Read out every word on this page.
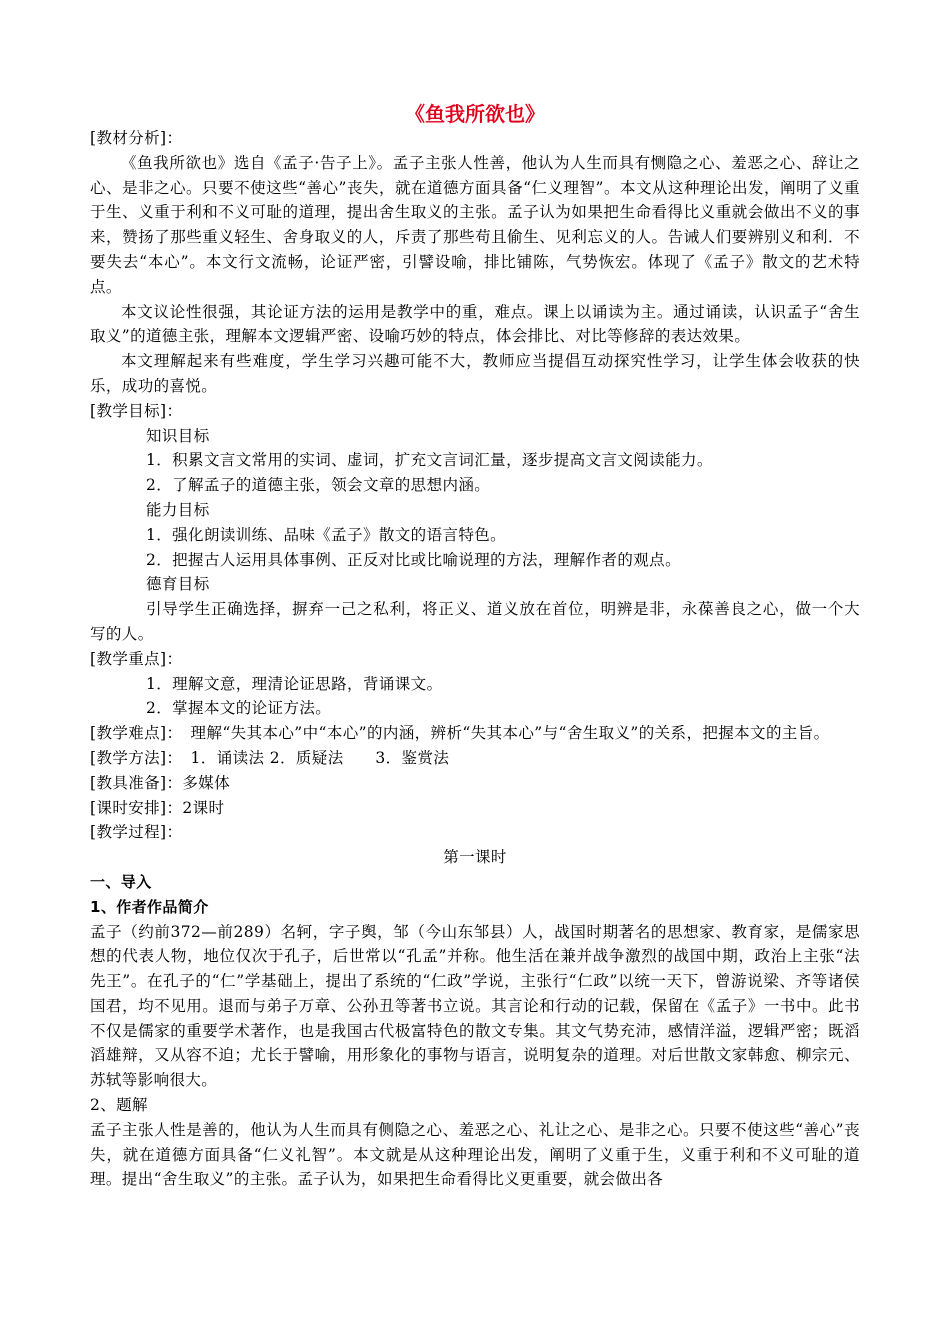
《鱼我所欲也》

[教材分析]：

《鱼我所欲也》选自《孟子·告子上》。孟子主张人性善，他认为人生而具有恻隐之心、羞恶之心、辞让之心、是非之心。只要不使这些“善心”丧失，就在道德方面具备“仁义理智”。本文从这种理论出发，阐明了义重于生、义重于利和不义可耻的道理，提出舍生取义的主张。孟子认为如果把生命看得比义重就会做出不义的事来，赞扬了那些重义轻生、舍身取义的人，斥责了那些苟且偷生、见利忘义的人。告诫人们要辨别义和利．不要失去“本心”。本文行文流畅，论证严密，引譬设喻，排比铺陈，气势恢宏。体现了《孟子》散文的艺术特点。

本文议论性很强，其论证方法的运用是教学中的重，难点。课上以诵读为主。通过诵读，认识孟子“舍生取义”的道德主张，理解本文逻辑严密、设喻巧妙的特点，体会排比、对比等修辞的表达效果。

本文理解起来有些难度，学生学习兴趣可能不大，教师应当提倡互动探究性学习，让学生体会收获的快乐，成功的喜悦。

[教学目标]：

知识目标

1．积累文言文常用的实词、虚词，扩充文言词汇量，逐步提高文言文阅读能力。

2．了解孟子的道德主张，领会文章的思想内涵。

能力目标

1．强化朗读训练、品味《孟子》散文的语言特色。

2．把握古人运用具体事例、正反对比或比喻说理的方法，理解作者的观点。

德育目标

引导学生正确选择，摒弃一己之私利，将正义、道义放在首位，明辨是非，永葆善良之心，做一个大写的人。

[教学重点]：

1．理解文意，理清论证思路，背诵课文。

2．掌握本文的论证方法。

[教学难点]：　理解“失其本心”中“本心”的内涵，辨析“失其本心”与“舍生取义”的关系，把握本文的主旨。

[教学方法]：　1．诵读法 2．质疑法　　3．鉴赏法

[教具准备]：多媒体

[课时安排]：2课时

[教学过程]：

第一课时

一、导入

1、作者作品简介

孟子（约前372—前289）名轲，字子舆，邹（今山东邹县）人，战国时期著名的思想家、教育家，是儒家思想的代表人物，地位仅次于孔子，后世常以“孔孟”并称。他生活在兼并战争激烈的战国中期，政治上主张“法先王”。在孔子的“仁”学基础上，提出了系统的“仁政”学说，主张行“仁政”以统一天下，曾游说梁、齐等诸侯国君，均不见用。退而与弟子万章、公孙丑等著书立说。其言论和行动的记载，保留在《孟子》一书中。此书不仅是儒家的重要学术著作，也是我国古代极富特色的散文专集。其文气势充沛，感情洋溢，逻辑严密；既滔滔雄辩，又从容不迫；尤长于譬喻，用形象化的事物与语言，说明复杂的道理。对后世散文家韩愈、柳宗元、苏轼等影响很大。

2、题解

孟子主张人性是善的，他认为人生而具有侧隐之心、羞恶之心、礼让之心、是非之心。只要不使这些“善心”丧失，就在道德方面具备“仁义礼智”。本文就是从这种理论出发，阐明了义重于生，义重于利和不义可耻的道理。提出“舍生取义”的主张。孟子认为，如果把生命看得比义更重要，就会做出各
